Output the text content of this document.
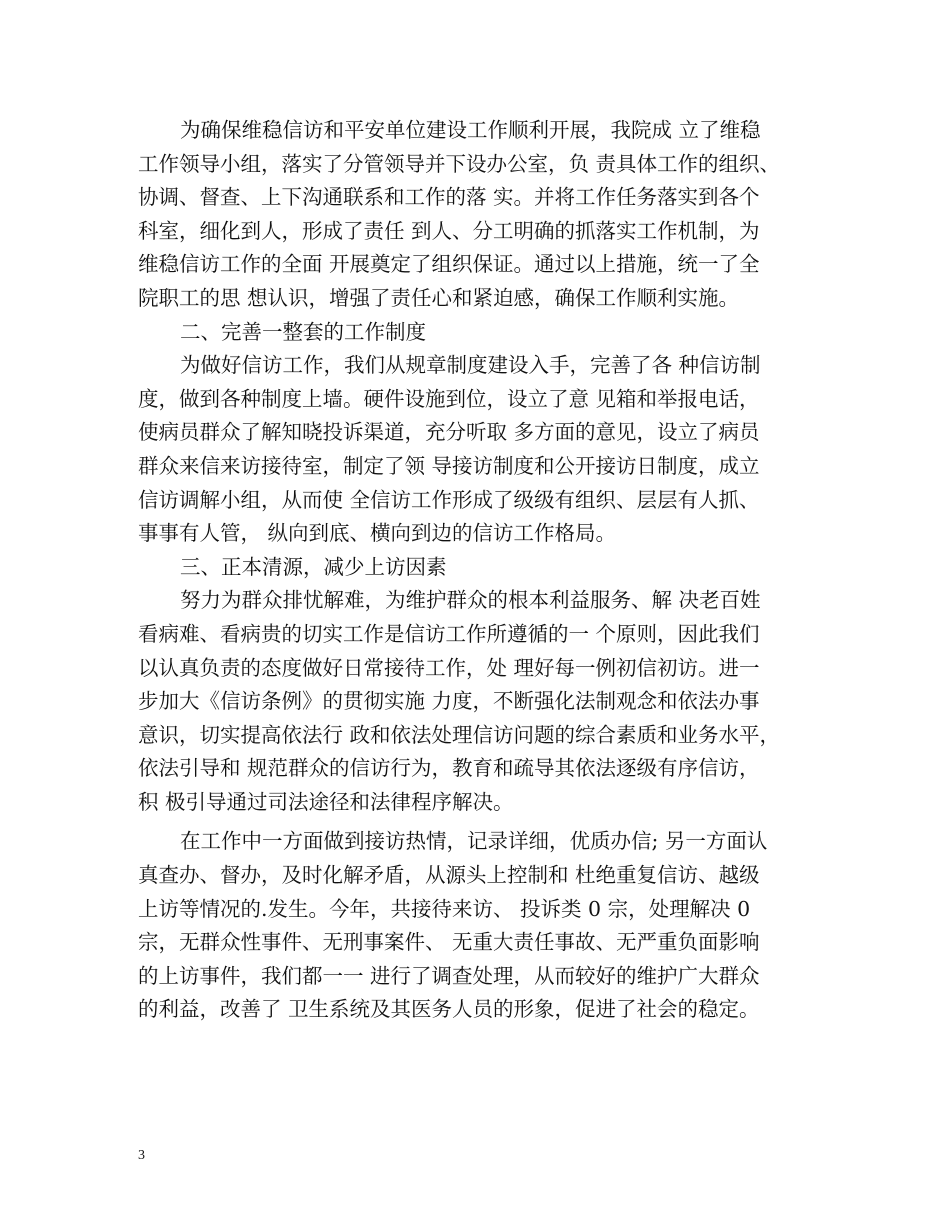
为确保维稳信访和平安单位建设工作顺利开展，我院成 立了维稳
工作领导小组，落实了分管领导并下设办公室，负 责具体工作的组织、
协调、督查、上下沟通联系和工作的落 实。并将工作任务落实到各个
科室，细化到人，形成了责任 到人、分工明确的抓落实工作机制，为
维稳信访工作的全面 开展奠定了组织保证。通过以上措施，统一了全
院职工的思 想认识，增强了责任心和紧迫感，确保工作顺利实施。
二、完善一整套的工作制度
为做好信访工作，我们从规章制度建设入手，完善了各 种信访制
度，做到各种制度上墙。硬件设施到位，设立了意 见箱和举报电话，
使病员群众了解知晓投诉渠道，充分听取 多方面的意见，设立了病员
群众来信来访接待室，制定了领 导接访制度和公开接访日制度，成立
信访调解小组，从而使 全信访工作形成了级级有组织、层层有人抓、
事事有人管， 纵向到底、横向到边的信访工作格局。
三、正本清源，减少上访因素
努力为群众排忧解难，为维护群众的根本利益服务、解 决老百姓
看病难、看病贵的切实工作是信访工作所遵循的一 个原则，因此我们
以认真负责的态度做好日常接待工作，处 理好每一例初信初访。进一
步加大《信访条例》的贯彻实施 力度，不断强化法制观念和依法办事
意识，切实提高依法行 政和依法处理信访问题的综合素质和业务水平，
依法引导和 规范群众的信访行为，教育和疏导其依法逐级有序信访，
积 极引导通过司法途径和法律程序解决。
在工作中一方面做到接访热情，记录详细，优质办信; 另一方面认
真查办、督办，及时化解矛盾，从源头上控制和 杜绝重复信访、越级
上访等情况的.发生。今年，共接待来访、 投诉类 0 宗，处理解决 0
宗，无群众性事件、无刑事案件、 无重大责任事故、无严重负面影响
的上访事件，我们都一一 进行了调查处理，从而较好的维护广大群众
的利益，改善了 卫生系统及其医务人员的形象，促进了社会的稳定。
3
